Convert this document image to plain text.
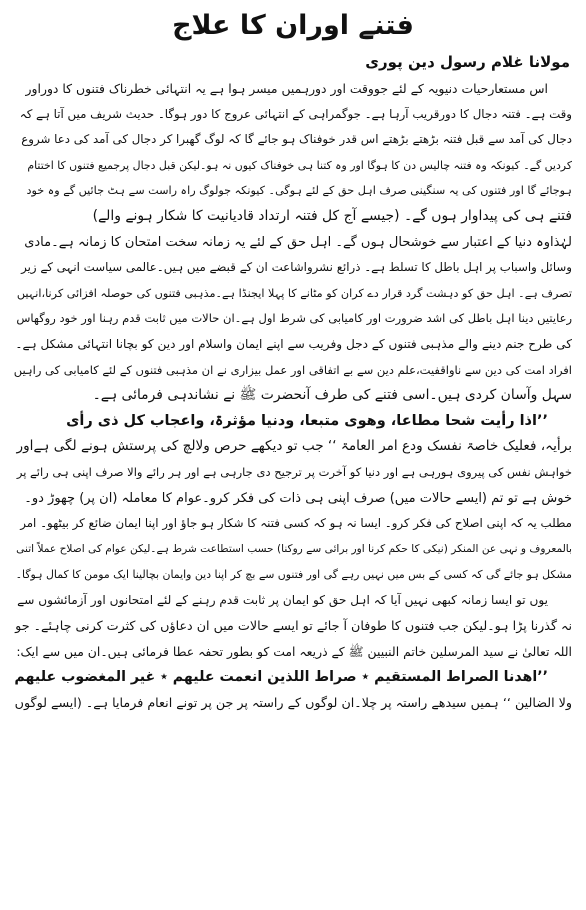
فتنے اوران کا علاج
مولانا غلام رسول دین پوری
اس مستعارحیات دنیویہ کے لئے جووقت اور دورہمیں میسر ہوا ہے یہ انتہائی خطرناک فتنوں کا دوراور
وقت ہے۔ فتنہ دجال کا دورقریب آرہا ہے۔ جوگمراہی کے انتہائی عروج کا دور ہوگا۔ حدیث شریف میں آتا ہے کہ
دجال کی آمد سے قبل فتنہ بڑھتے بڑھتے اس قدر خوفناک ہو جائے گا کہ لوگ گھبرا کر دجال کی آمد کی دعا شروع
کردیں گے۔ کیونکہ وہ فتنہ چالیس دن کا ہوگا اور وہ کتنا ہی خوفناک کیوں نہ ہو۔لیکن قبل دجال پرجمیع فتنوں کا اختتام
ہوجائے گا اور فتنوں کی یہ سنگینی صرف اہل حق کے لئے ہوگی۔ کیونکہ جولوگ راہ راست سے ہٹ جائیں گے وہ خود
فتنے ہی کی پیداوار ہوں گے۔ (جیسے آج کل فتنہ ارتداد قادیانیت کا شکار ہونے والے)
لہٰذاوہ دنیا کے اعتبار سے خوشحال ہوں گے۔ اہل حق کے لئے یہ زمانہ سخت امتحان کا زمانہ ہے۔مادی
وسائل واسباب پر اہل باطل کا تسلط ہے۔ ذرائع نشرواشاعت ان کے قبضے میں ہیں۔عالمی سیاست انہی کے زیر
تصرف ہے۔ اہل حق کو دہشت گرد قرار دے کران کو مٹانے کا پہلا ایجنڈا ہے۔مذہبی فتنوں کی حوصلہ افزائی کرنا،انہیں
رعایتیں دینا اہل باطل کی اشد ضرورت اور کامیابی کی شرط اول ہے۔ان حالات میں ثابت قدم رہنا اور خود روگھاس
کی طرح جنم دینے والے مذہبی فتنوں کے دجل وفریب سے اپنے ایمان واسلام اور دین کو بچانا انتہائی مشکل ہے۔
افراد امت کی دین سے ناواقفیت،علم دین سے بے اتفاقی اور عمل بیزاری نے ان مذہبی فتنوں کے لئے کامیابی کی راہیں
سہل وآسان کردی ہیں۔اسی فتنے کی طرف آنحضرت ﷺ نے نشاندہی فرمائی ہے۔
’’اذا رأیت شحا مطاعا، وھوی متبعا، ودنیا مؤثرۃ، واعجاب کل ذی رأی
برأیہ، فعلیک خاصۃ نفسک ودع امر العامۃ ‘‘ جب تو دیکھے حرص ولالچ کی پرستش ہونے لگی ہےاور
خواہش نفس کی پیروی ہورہی ہے اور دنیا کو آخرت پر ترجیح دی جارہی ہے اور ہر رائے والا صرف اپنی ہی رائے پر
خوش ہے تو تم (ایسے حالات میں) صرف اپنی ہی ذات کی فکر کرو۔عوام کا معاملہ (ان پر) چھوڑ دو۔
مطلب یہ کہ اپنی اصلاح کی فکر کرو۔ ایسا نہ ہو کہ کسی فتنہ کا شکار ہو جاؤ اور اپنا ایمان ضائع کر بیٹھو۔ امر
بالمعروف و نہی عن المنکر (نیکی کا حکم کرنا اور برائی سے روکنا) حسب استطاعت شرط ہے۔لیکن عوام کی اصلاح عملاً اتنی
مشکل ہو جائے گی کہ کسی کے بس میں نہیں رہے گی اور فتنوں سے بچ کر اپنا دین وایمان بچالینا ایک مومن کا کمال ہوگا۔
یوں تو ایسا زمانہ کبھی نہیں آیا کہ اہل حق کو ایمان پر ثابت قدم رہنے کے لئے امتحانوں اور آزمائشوں سے
نہ گذرنا پڑا ہو۔لیکن جب فتنوں کا طوفان آ جائے تو ایسے حالات میں ان دعاؤں کی کثرت کرنی چاہئے۔ جو
اللہ تعالیٰ نے سید المرسلین خاتم النبیین ﷺ کے ذریعہ امت کو بطور تحفہ عطا فرمائی ہیں۔ان میں سے ایک:
’’اھدنا الصراط المستقیم ٭ صراط اللذین انعمت علیھم ٭ غیر المغضوب علیھم
ولا الضالین ‘‘ ہمیں سیدھے راستہ پر چلا۔ان لوگوں کے راستہ پر جن پر تونے انعام فرمایا ہے۔ (ایسے لوگوں
